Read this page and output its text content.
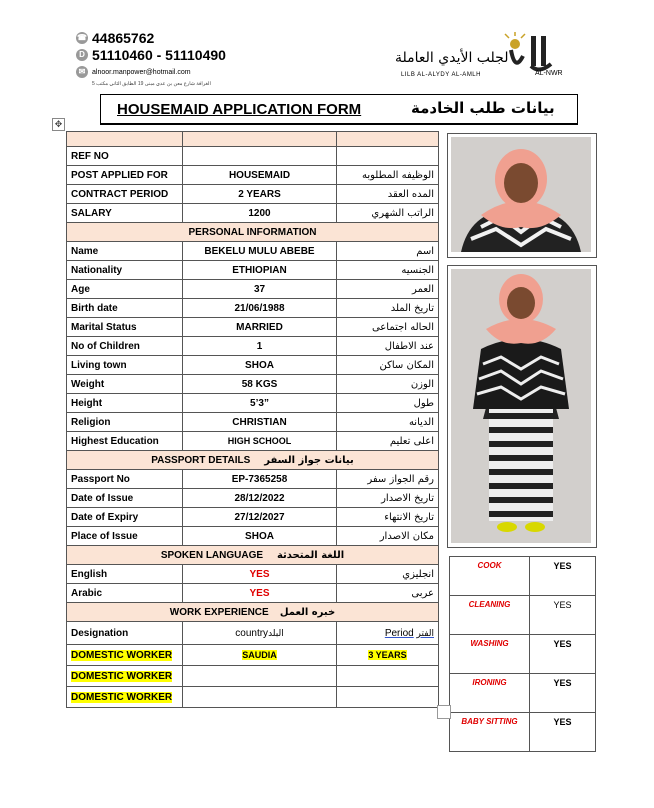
☎ 44865762
D 51110460 - 51110490
✉ alnoor.manpower@hotmail.com
الغرافة شارع معن بن عدي مبنى 19 الطابق الثاني مكتب 5
لجلب الأيدي العاملة
LILB AL-ALYDY AL-AMLH	AL-NWR
HOUSEMAID APPLICATION FORM	بيانات طلب الخادمة
✥

REF NO		
POST APPLIED FOR	HOUSEMAID	الوظيفه المطلوبه
CONTRACT PERIOD	2 YEARS	المده العقد
SALARY	1200	الراتب الشهري
PERSONAL INFORMATION		
Name	BEKELU MULU ABEBE	اسم
Nationality	ETHIOPIAN	الجنسيه
Age	37	العمر
Birth date	21/06/1988	تاريخ الملد
Marital Status	MARRIED	الحاله اجتماعى
No of Children	1	عند الاطفال
Living town	SHOA	المكان ساكن
Weight	58 KGS	الوزن
Height	5’3”	طول
Religion	CHRISTIAN	الديانه
Highest Education	HIGH SCHOOL	اعلى تعليم
PASSPORT DETAILS بيانات جواز السفر		
Passport No	EP-7365258	رقم الجواز سفر
Date of Issue	28/12/2022	تاريخ الاصدار
Date of Expiry	27/12/2027	تاريخ الانتهاء
Place of Issue	SHOA	مكان الاصدار
SPOKEN LANGUAGE اللغة المتحدثة		
English	YES	انجليزي
Arabic	YES	عربى
WORK EXPERIENCE خبره العمل		
Designation	countryالبلد	Period الفتر
DOMESTIC WORKER	SAUDIA	3 YEARS
DOMESTIC WORKER		
DOMESTIC WORKER		
COOK	YES
CLEANING	YES
WASHING	YES
IRONING	YES
BABY SITTING	YES
